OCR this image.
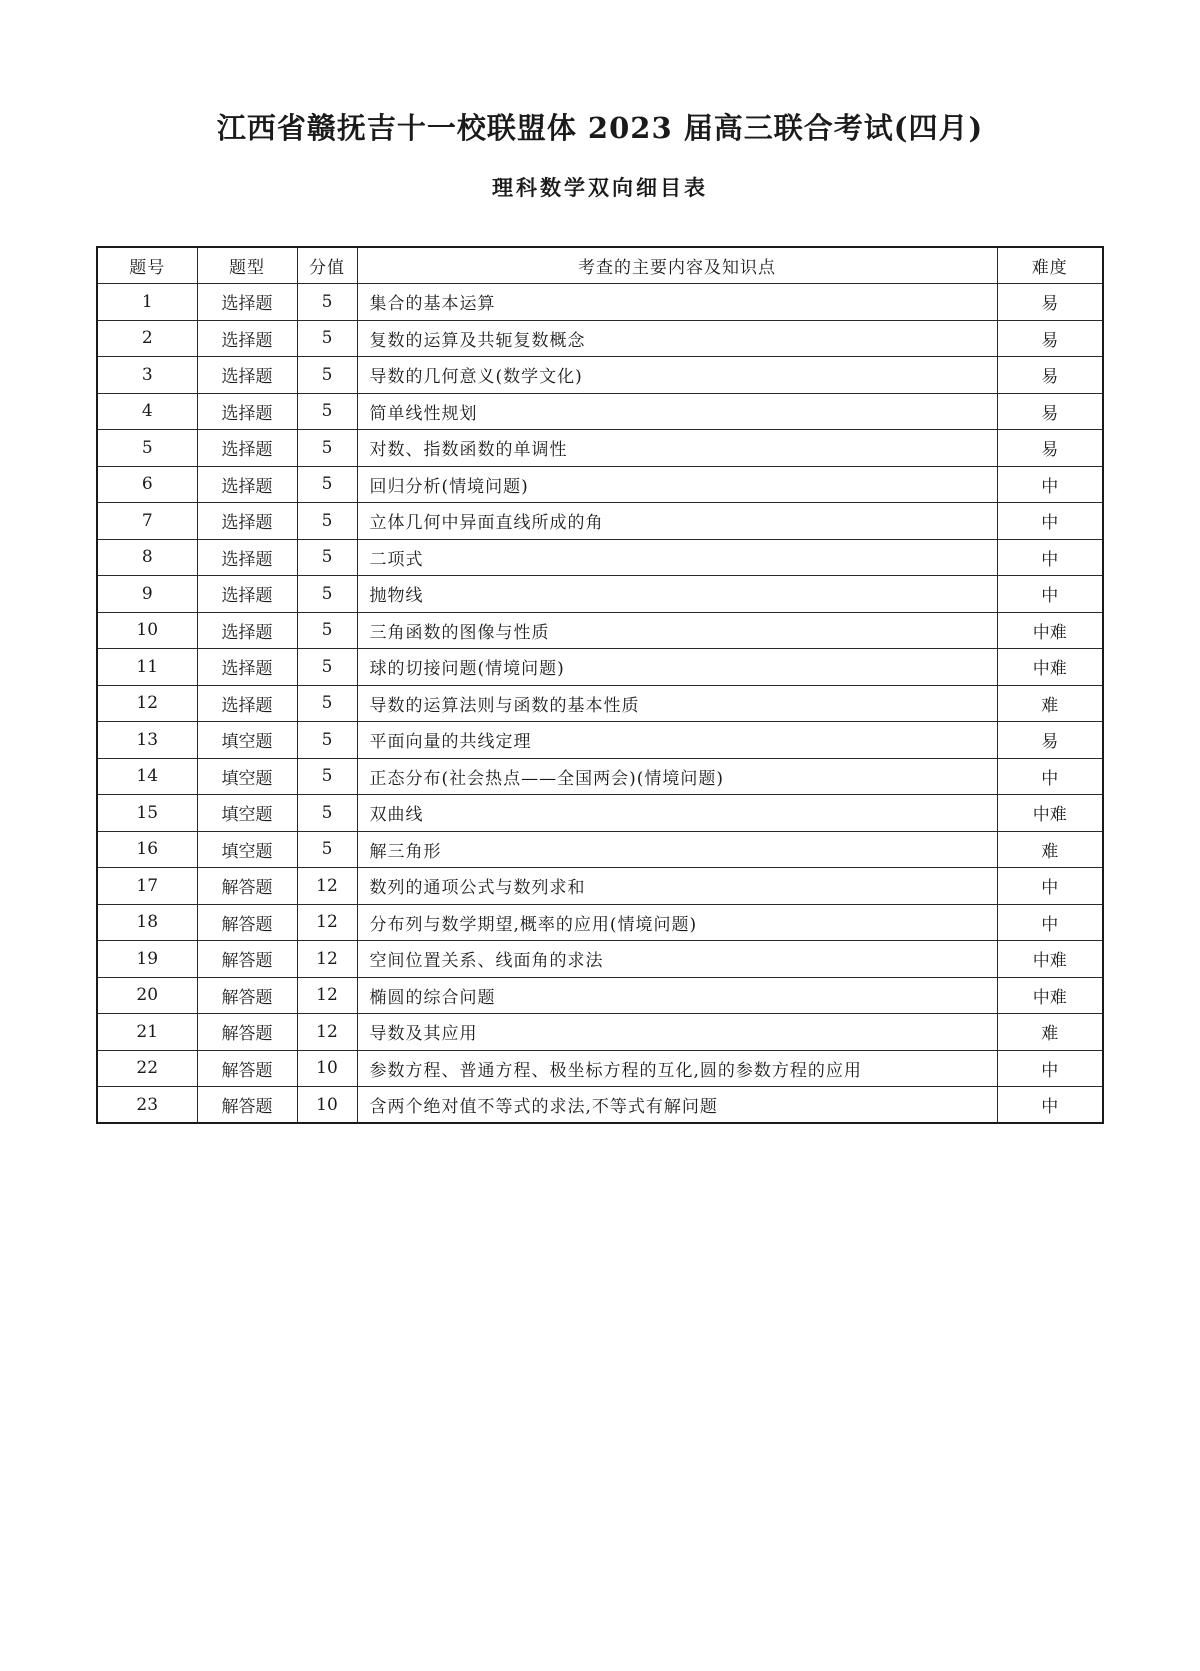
江西省赣抚吉十一校联盟体 2023 届高三联合考试(四月)
理科数学双向细目表
题号	题型	分值	考查的主要内容及知识点	难度
1	选择题	5	集合的基本运算	易
2	选择题	5	复数的运算及共轭复数概念	易
3	选择题	5	导数的几何意义(数学文化)	易
4	选择题	5	简单线性规划	易
5	选择题	5	对数、指数函数的单调性	易
6	选择题	5	回归分析(情境问题)	中
7	选择题	5	立体几何中异面直线所成的角	中
8	选择题	5	二项式	中
9	选择题	5	抛物线	中
10	选择题	5	三角函数的图像与性质	中难
11	选择题	5	球的切接问题(情境问题)	中难
12	选择题	5	导数的运算法则与函数的基本性质	难
13	填空题	5	平面向量的共线定理	易
14	填空题	5	正态分布(社会热点——全国两会)(情境问题)	中
15	填空题	5	双曲线	中难
16	填空题	5	解三角形	难
17	解答题	12	数列的通项公式与数列求和	中
18	解答题	12	分布列与数学期望,概率的应用(情境问题)	中
19	解答题	12	空间位置关系、线面角的求法	中难
20	解答题	12	椭圆的综合问题	中难
21	解答题	12	导数及其应用	难
22	解答题	10	参数方程、普通方程、极坐标方程的互化,圆的参数方程的应用	中
23	解答题	10	含两个绝对值不等式的求法,不等式有解问题	中
